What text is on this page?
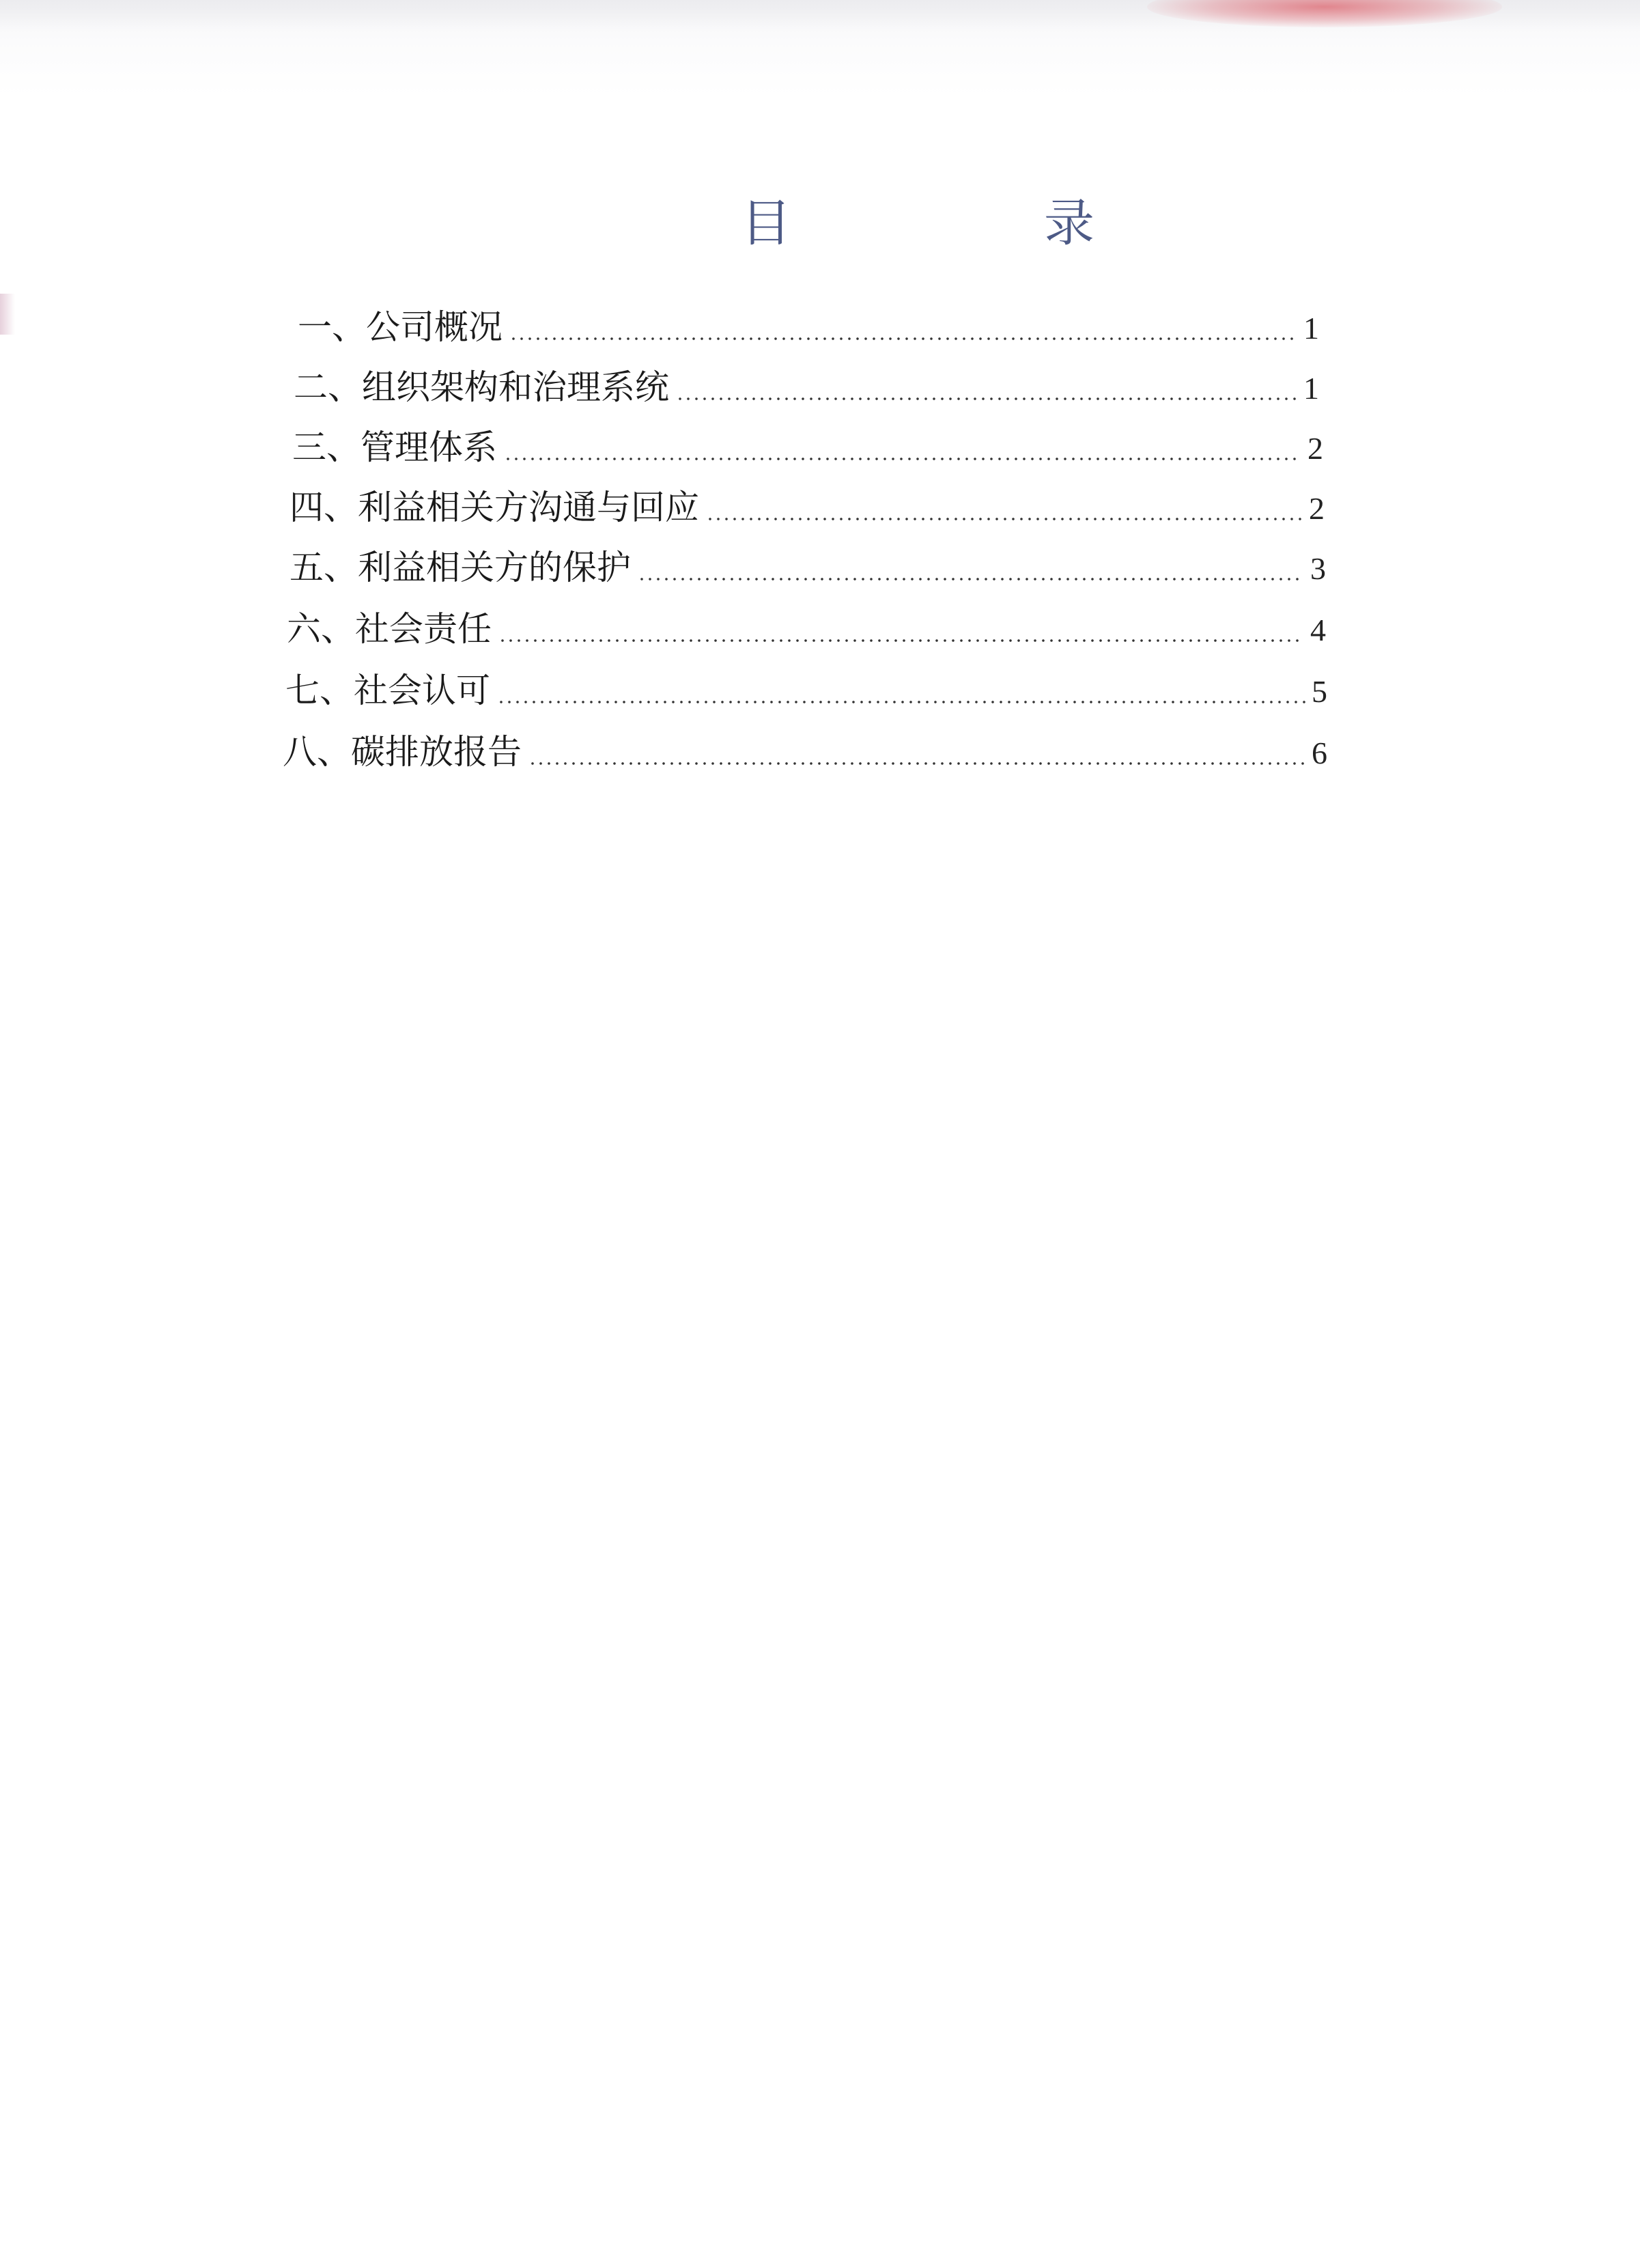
目　录
一、公司概况	1
二、组织架构和治理系统	1
三、管理体系	2
四、利益相关方沟通与回应	2
五、利益相关方的保护	3
六、社会责任	4
七、社会认可	5
八、碳排放报告	6
